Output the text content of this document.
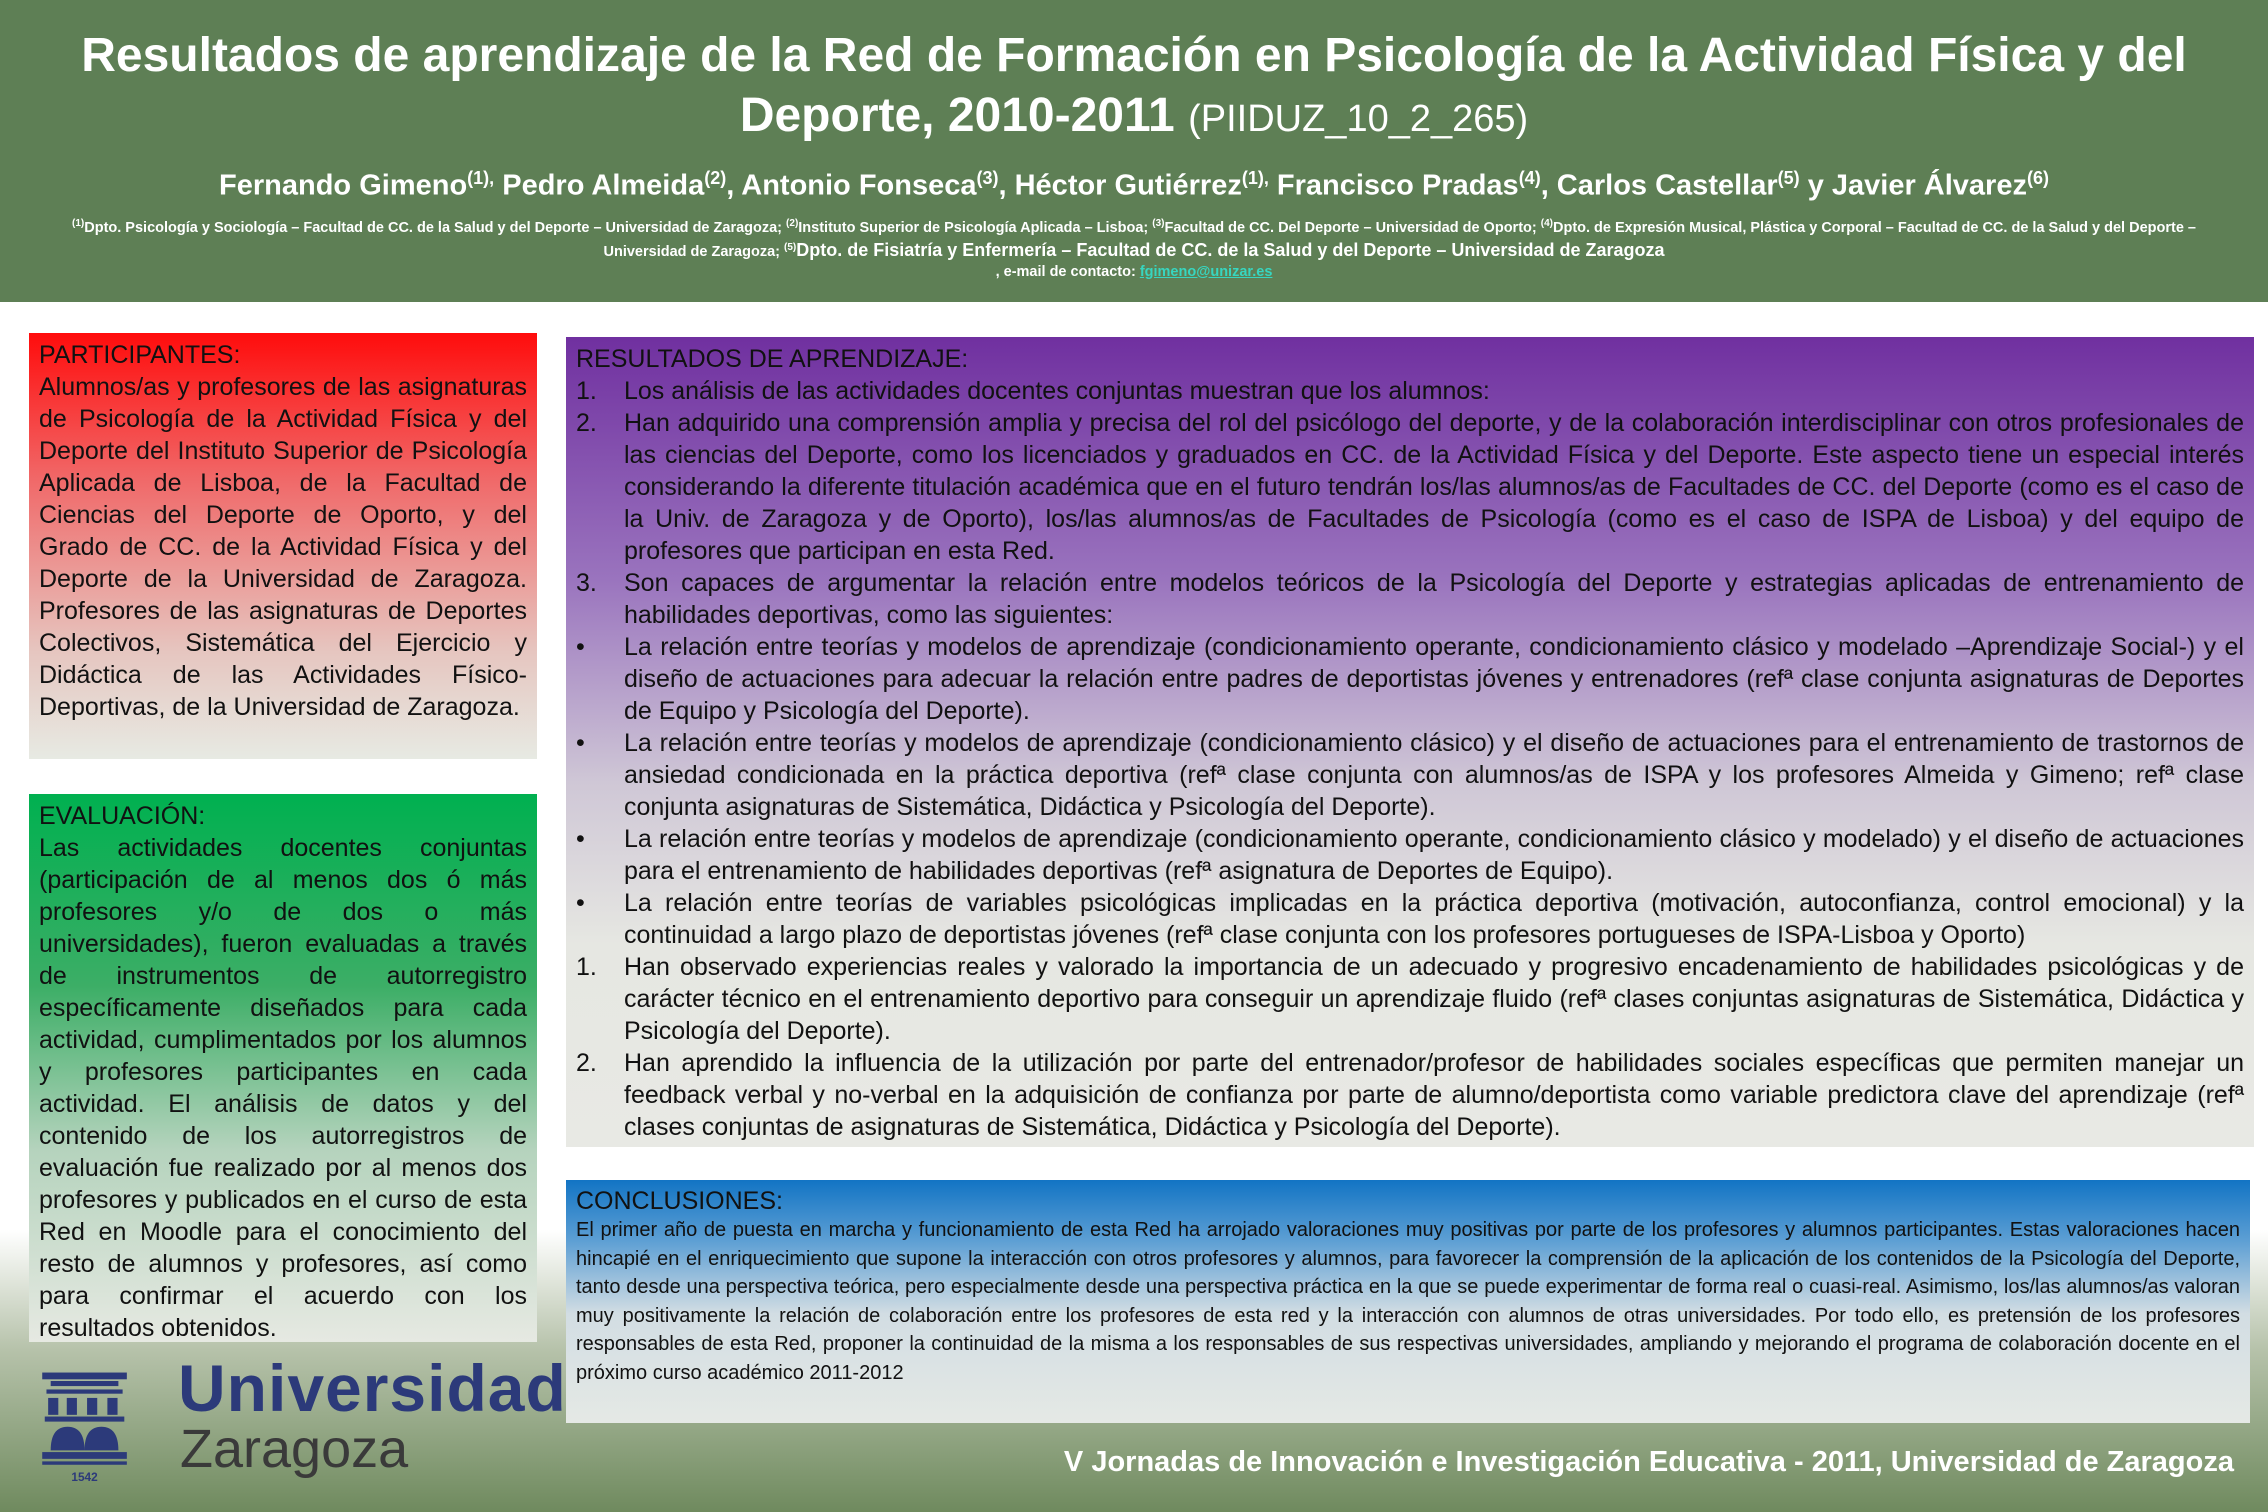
Resultados de aprendizaje de la Red de Formación en Psicología de la Actividad Física y del Deporte, 2010-2011 (PIIDUZ_10_2_265)
Fernando Gimeno$^{(1),}$ Pedro Almeida$^{(2)}$, Antonio Fonseca$^{(3)}$, Héctor Gutiérrez$^{(1),}$ Francisco Pradas$^{(4)}$, Carlos Castellar$^{(5)}$ y Javier Álvarez$^{(6)}$
$^{(1)}$Dpto. Psicología y Sociología – Facultad de CC. de la Salud y del Deporte – Universidad de Zaragoza; $^{(2)}$Instituto Superior de Psicología Aplicada – Lisboa; $^{(3)}$Facultad de CC. Del Deporte – Universidad de Oporto; $^{(4)}$Dpto. de Expresión Musical, Plástica y Corporal – Facultad de CC. de la Salud y del Deporte – Universidad de Zaragoza; $^{(5)}$Dpto. de Fisiatría y Enfermería – Facultad de CC. de la Salud y del Deporte – Universidad de Zaragoza
, e-mail de contacto: fgimeno@unizar.es
PARTICIPANTES:
Alumnos/as y profesores de las asignaturas de Psicología de la Actividad Física y del Deporte del Instituto Superior de Psicología Aplicada de Lisboa, de la Facultad de Ciencias del Deporte de Oporto, y del Grado de CC. de la Actividad Física y del Deporte de la Universidad de Zaragoza. Profesores de las asignaturas de Deportes Colectivos, Sistemática del Ejercicio y Didáctica de las Actividades Físico-Deportivas, de la Universidad de Zaragoza.
EVALUACIÓN:
Las actividades docentes conjuntas (participación de al menos dos ó más profesores y/o de dos o más universidades), fueron evaluadas a través de instrumentos de autorregistro específicamente diseñados para cada actividad, cumplimentados por los alumnos y profesores participantes en cada actividad. El análisis de datos y del contenido de los autorregistros de evaluación fue realizado por al menos dos profesores y publicados en el curso de esta Red en Moodle para el conocimiento del resto de alumnos y profesores, así como para confirmar el acuerdo con los resultados obtenidos.
RESULTADOS DE APRENDIZAJE:
1.	Los análisis de las actividades docentes conjuntas muestran que los alumnos:
2.	Han adquirido una comprensión amplia y precisa del rol del psicólogo del deporte, y de la colaboración interdisciplinar con otros profesionales de las ciencias del Deporte, como los licenciados y graduados en CC. de la Actividad Física y del Deporte. Este aspecto tiene un especial interés considerando la diferente titulación académica que en el futuro tendrán los/las alumnos/as de Facultades de CC. del Deporte (como es el caso de la Univ. de Zaragoza y de Oporto), los/las alumnos/as de Facultades de Psicología (como es el caso de ISPA de Lisboa) y del equipo de profesores que participan en esta Red.
3.	Son capaces de argumentar la relación entre modelos teóricos de la Psicología del Deporte y estrategias aplicadas de entrenamiento de habilidades deportivas, como las siguientes:
•	La relación entre teorías y modelos de aprendizaje (condicionamiento operante, condicionamiento clásico y modelado –Aprendizaje Social-) y el diseño de actuaciones para adecuar la relación entre padres de deportistas jóvenes y entrenadores (refª clase conjunta asignaturas de Deportes de Equipo y Psicología del Deporte).
•	La relación entre teorías y modelos de aprendizaje (condicionamiento clásico) y el diseño de actuaciones para el entrenamiento de trastornos de ansiedad condicionada en la práctica deportiva (refª clase conjunta con alumnos/as de ISPA y los profesores Almeida y Gimeno; refª clase conjunta asignaturas de Sistemática, Didáctica y Psicología del Deporte).
•	La relación entre teorías y modelos de aprendizaje (condicionamiento operante, condicionamiento clásico y modelado) y el diseño de actuaciones para el entrenamiento de habilidades deportivas (refª asignatura de Deportes de Equipo).
•	La relación entre teorías de variables psicológicas implicadas en la práctica deportiva (motivación, autoconfianza, control emocional) y la continuidad a largo plazo de deportistas jóvenes (refª clase conjunta con los profesores portugueses de ISPA-Lisboa y Oporto)
1.	Han observado experiencias reales y valorado la importancia de un adecuado y progresivo encadenamiento de habilidades psicológicas y de carácter técnico en el entrenamiento deportivo para conseguir un aprendizaje fluido (refª clases conjuntas asignaturas de Sistemática, Didáctica y Psicología del Deporte).
2.	Han aprendido la influencia de la utilización por parte del entrenador/profesor de habilidades sociales específicas que permiten manejar un feedback verbal y no-verbal en la adquisición de confianza por parte de alumno/deportista como variable predictora clave del aprendizaje (refª clases conjuntas de asignaturas de Sistemática, Didáctica y Psicología del Deporte).
CONCLUSIONES:
El primer año de puesta en marcha y funcionamiento de esta Red ha arrojado valoraciones muy positivas por parte de los profesores y alumnos participantes. Estas valoraciones hacen hincapié en el enriquecimiento que supone la interacción con otros profesores y alumnos, para favorecer la comprensión de la aplicación de los contenidos de la Psicología del Deporte, tanto desde una perspectiva teórica, pero especialmente desde una perspectiva práctica en la que se puede experimentar de forma real o cuasi-real. Asimismo, los/las alumnos/as valoran muy positivamente la relación de colaboración entre los profesores de esta red y la interacción con alumnos de otras universidades. Por todo ello, es pretensión de los profesores responsables de esta Red, proponer la continuidad de la misma a los responsables de sus respectivas universidades, ampliando y mejorando el programa de colaboración docente en el próximo curso académico 2011-2012
1542
Universidad
Zaragoza	V Jornadas de Innovación e Investigación Educativa - 2011, Universidad de Zaragoza
